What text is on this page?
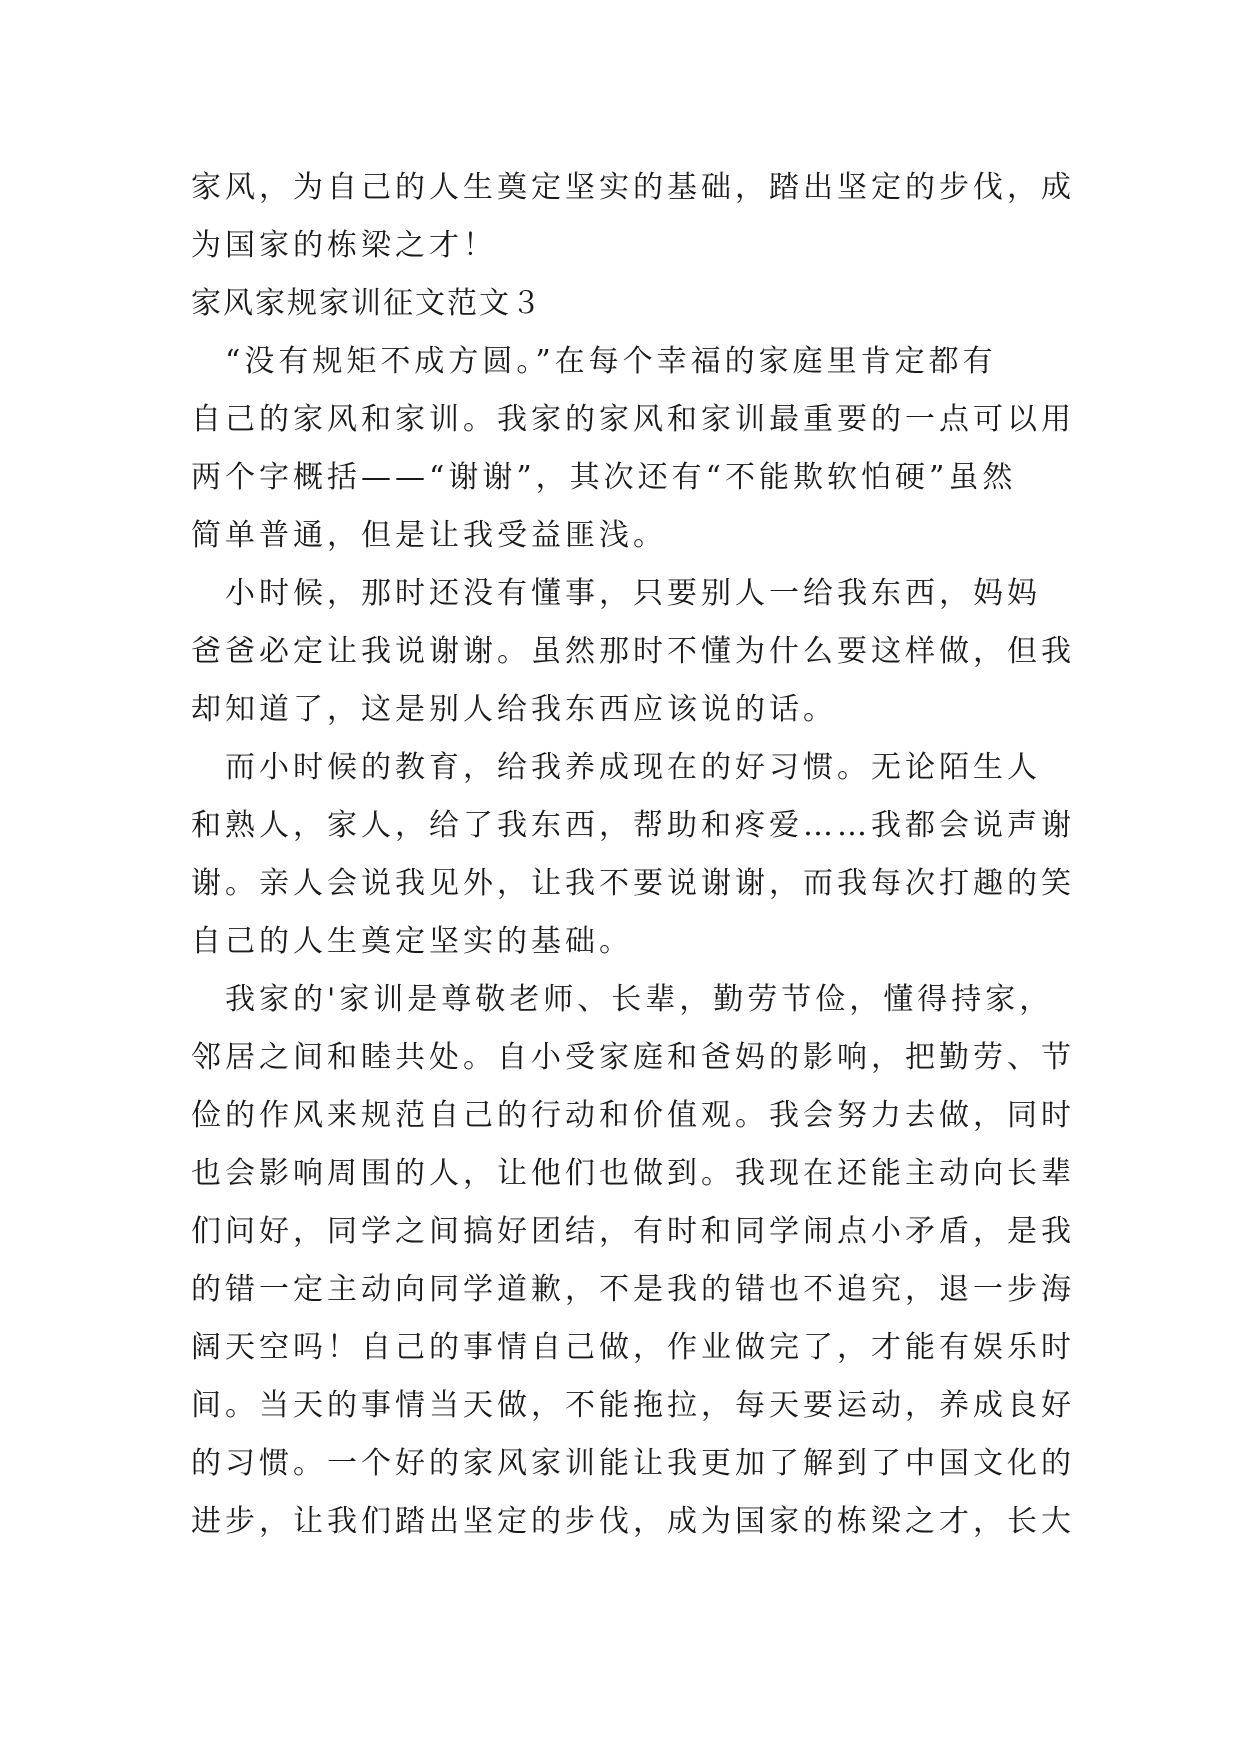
家风，为自己的人生奠定坚实的基础，踏出坚定的步伐，成
为国家的栋梁之才！
家风家规家训征文范文３
　“没有规矩不成方圆。”在每个幸福的家庭里肯定都有
自己的家风和家训。我家的家风和家训最重要的一点可以用
两个字概括——“谢谢”，其次还有“不能欺软怕硬”虽然
简单普通，但是让我受益匪浅。
　小时候，那时还没有懂事，只要别人一给我东西，妈妈
爸爸必定让我说谢谢。虽然那时不懂为什么要这样做，但我
却知道了，这是别人给我东西应该说的话。
　而小时候的教育，给我养成现在的好习惯。无论陌生人
和熟人，家人，给了我东西，帮助和疼爱……我都会说声谢
谢。亲人会说我见外，让我不要说谢谢，而我每次打趣的笑
自己的人生奠定坚实的基础。
　我家的'家训是尊敬老师、长辈，勤劳节俭，懂得持家，
邻居之间和睦共处。自小受家庭和爸妈的影响，把勤劳、节
俭的作风来规范自己的行动和价值观。我会努力去做，同时
也会影响周围的人，让他们也做到。我现在还能主动向长辈
们问好，同学之间搞好团结，有时和同学闹点小矛盾，是我
的错一定主动向同学道歉，不是我的错也不追究，退一步海
阔天空吗！自己的事情自己做，作业做完了，才能有娱乐时
间。当天的事情当天做，不能拖拉，每天要运动，养成良好
的习惯。一个好的家风家训能让我更加了解到了中国文化的
进步，让我们踏出坚定的步伐，成为国家的栋梁之才，长大
